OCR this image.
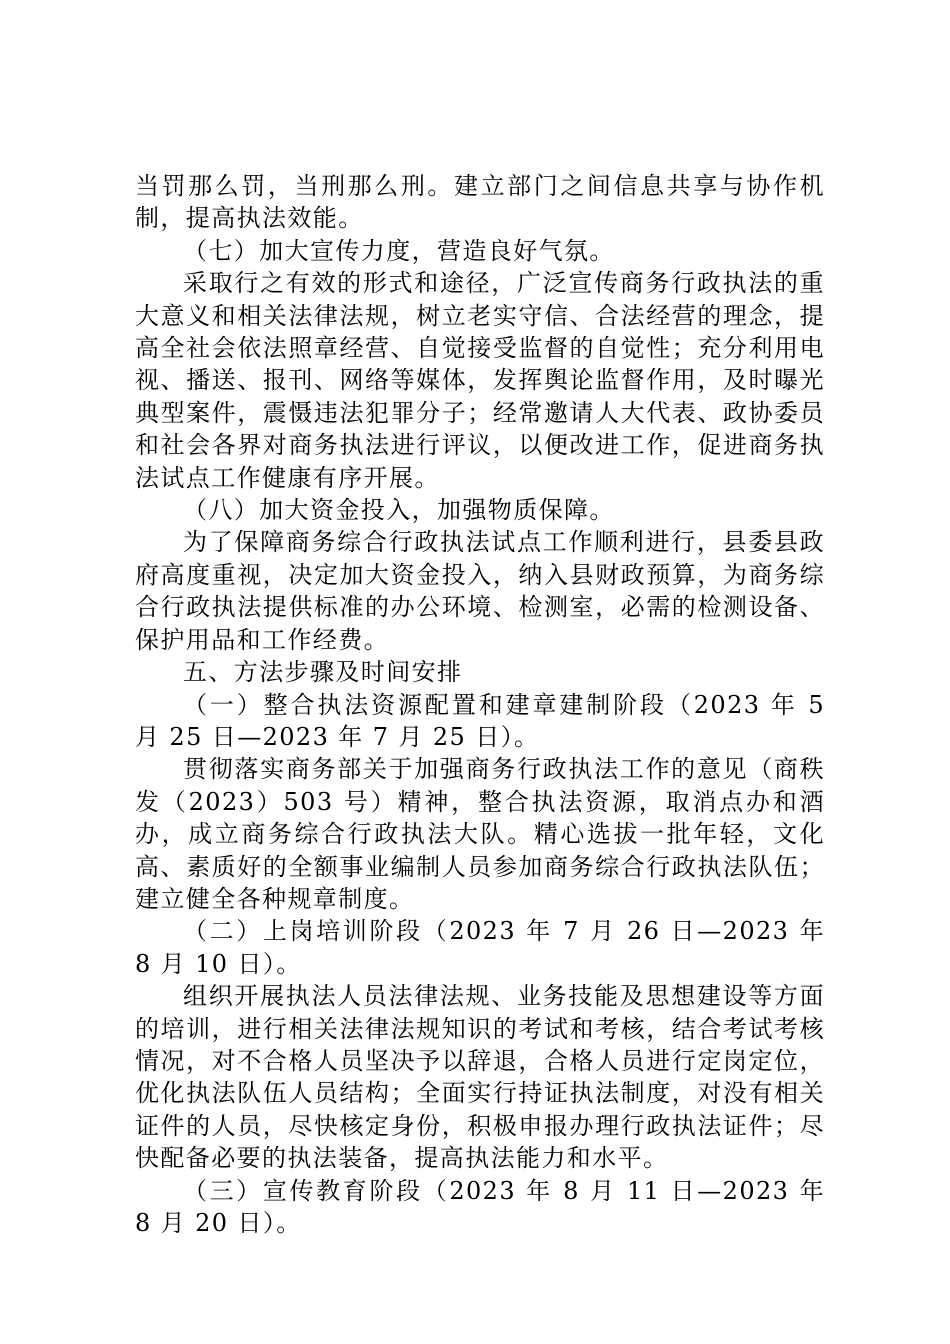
当罚那么罚，当刑那么刑。建立部门之间信息共享与协作机制，提高执法效能。

（七）加大宣传力度，营造良好气氛。

采取行之有效的形式和途径，广泛宣传商务行政执法的重大意义和相关法律法规，树立老实守信、合法经营的理念，提高全社会依法照章经营、自觉接受监督的自觉性；充分利用电视、播送、报刊、网络等媒体，发挥舆论监督作用，及时曝光典型案件，震慑违法犯罪分子；经常邀请人大代表、政协委员和社会各界对商务执法进行评议，以便改进工作，促进商务执法试点工作健康有序开展。

（八）加大资金投入，加强物质保障。

为了保障商务综合行政执法试点工作顺利进行，县委县政府高度重视，决定加大资金投入，纳入县财政预算，为商务综合行政执法提供标准的办公环境、检测室，必需的检测设备、保护用品和工作经费。

五、方法步骤及时间安排

（一）整合执法资源配置和建章建制阶段（2023 年 5 月 25 日—2023 年 7 月 25 日）。

贯彻落实商务部关于加强商务行政执法工作的意见（商秩发（2023）503 号）精神，整合执法资源，取消点办和酒办，成立商务综合行政执法大队。精心选拔一批年轻，文化高、素质好的全额事业编制人员参加商务综合行政执法队伍；建立健全各种规章制度。

（二）上岗培训阶段（2023 年 7 月 26 日—2023 年 8 月 10 日）。

组织开展执法人员法律法规、业务技能及思想建设等方面的培训，进行相关法律法规知识的考试和考核，结合考试考核情况，对不合格人员坚决予以辞退，合格人员进行定岗定位，优化执法队伍人员结构；全面实行持证执法制度，对没有相关证件的人员，尽快核定身份，积极申报办理行政执法证件；尽快配备必要的执法装备，提高执法能力和水平。

（三）宣传教育阶段（2023 年 8 月 11 日—2023 年 8 月 20 日）。
